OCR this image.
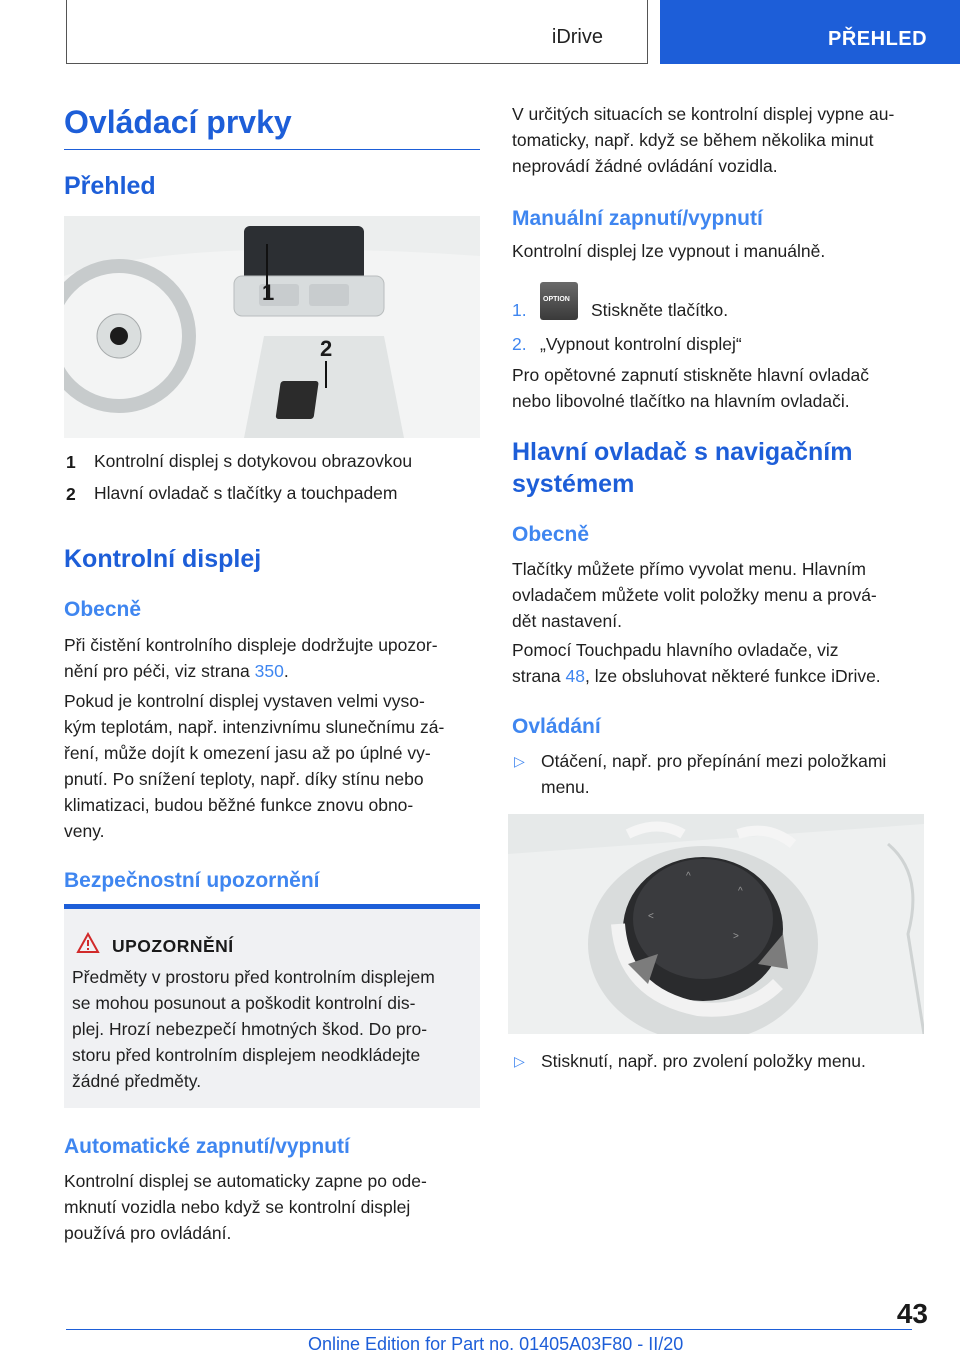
iDrive	PŘEHLED
Ovládací prvky
Přehled
1
2
1 Kontrolní displej s dotykovou obrazovkou
2 Hlavní ovladač s tlačítky a touchpadem
Kontrolní displej
Obecně
Při čistění kontrolního displeje dodržujte upozor‐
nění pro péči, viz strana 350.
Pokud je kontrolní displej vystaven velmi vyso‐
kým teplotám, např. intenzivnímu slunečnímu zá‐
ření, může dojít k omezení jasu až po úplné vy‐
pnutí. Po snížení teploty, např. díky stínu nebo
klimatizaci, budou běžné funkce znovu obno‐
veny.
Bezpečnostní upozornění
UPOZORNĚNÍ
Předměty v prostoru před kontrolním displejem
se mohou posunout a poškodit kontrolní dis‐
plej. Hrozí nebezpečí hmotných škod. Do pro‐
storu před kontrolním displejem neodkládejte
žádné předměty.
Automatické zapnutí/vypnutí
Kontrolní displej se automaticky zapne po ode‐
mknutí vozidla nebo když se kontrolní displej
používá pro ovládání.
V určitých situacích se kontrolní displej vypne au‐
tomaticky, např. když se během několika minut
neprovádí žádné ovládání vozidla.
Manuální zapnutí/vypnutí
Kontrolní displej lze vypnout i manuálně.
1.
OPTION
Stiskněte tlačítko.
2. „Vypnout kontrolní displej“
Pro opětovné zapnutí stiskněte hlavní ovladač
nebo libovolné tlačítko na hlavním ovladači.
Hlavní ovladač s navigačním
systémem
Obecně
Tlačítky můžete přímo vyvolat menu. Hlavním
ovladačem můžete volit položky menu a prová‐
dět nastavení.
Pomocí Touchpadu hlavního ovladače, viz
strana 48, lze obsluhovat některé funkce iDrive.
Ovládání
▷ Otáčení, např. pro přepínání mezi položkami
menu.
^
^
<
>
▷ Stisknutí, např. pro zvolení položky menu.
43
Online Edition for Part no. 01405A03F80 - II/20
